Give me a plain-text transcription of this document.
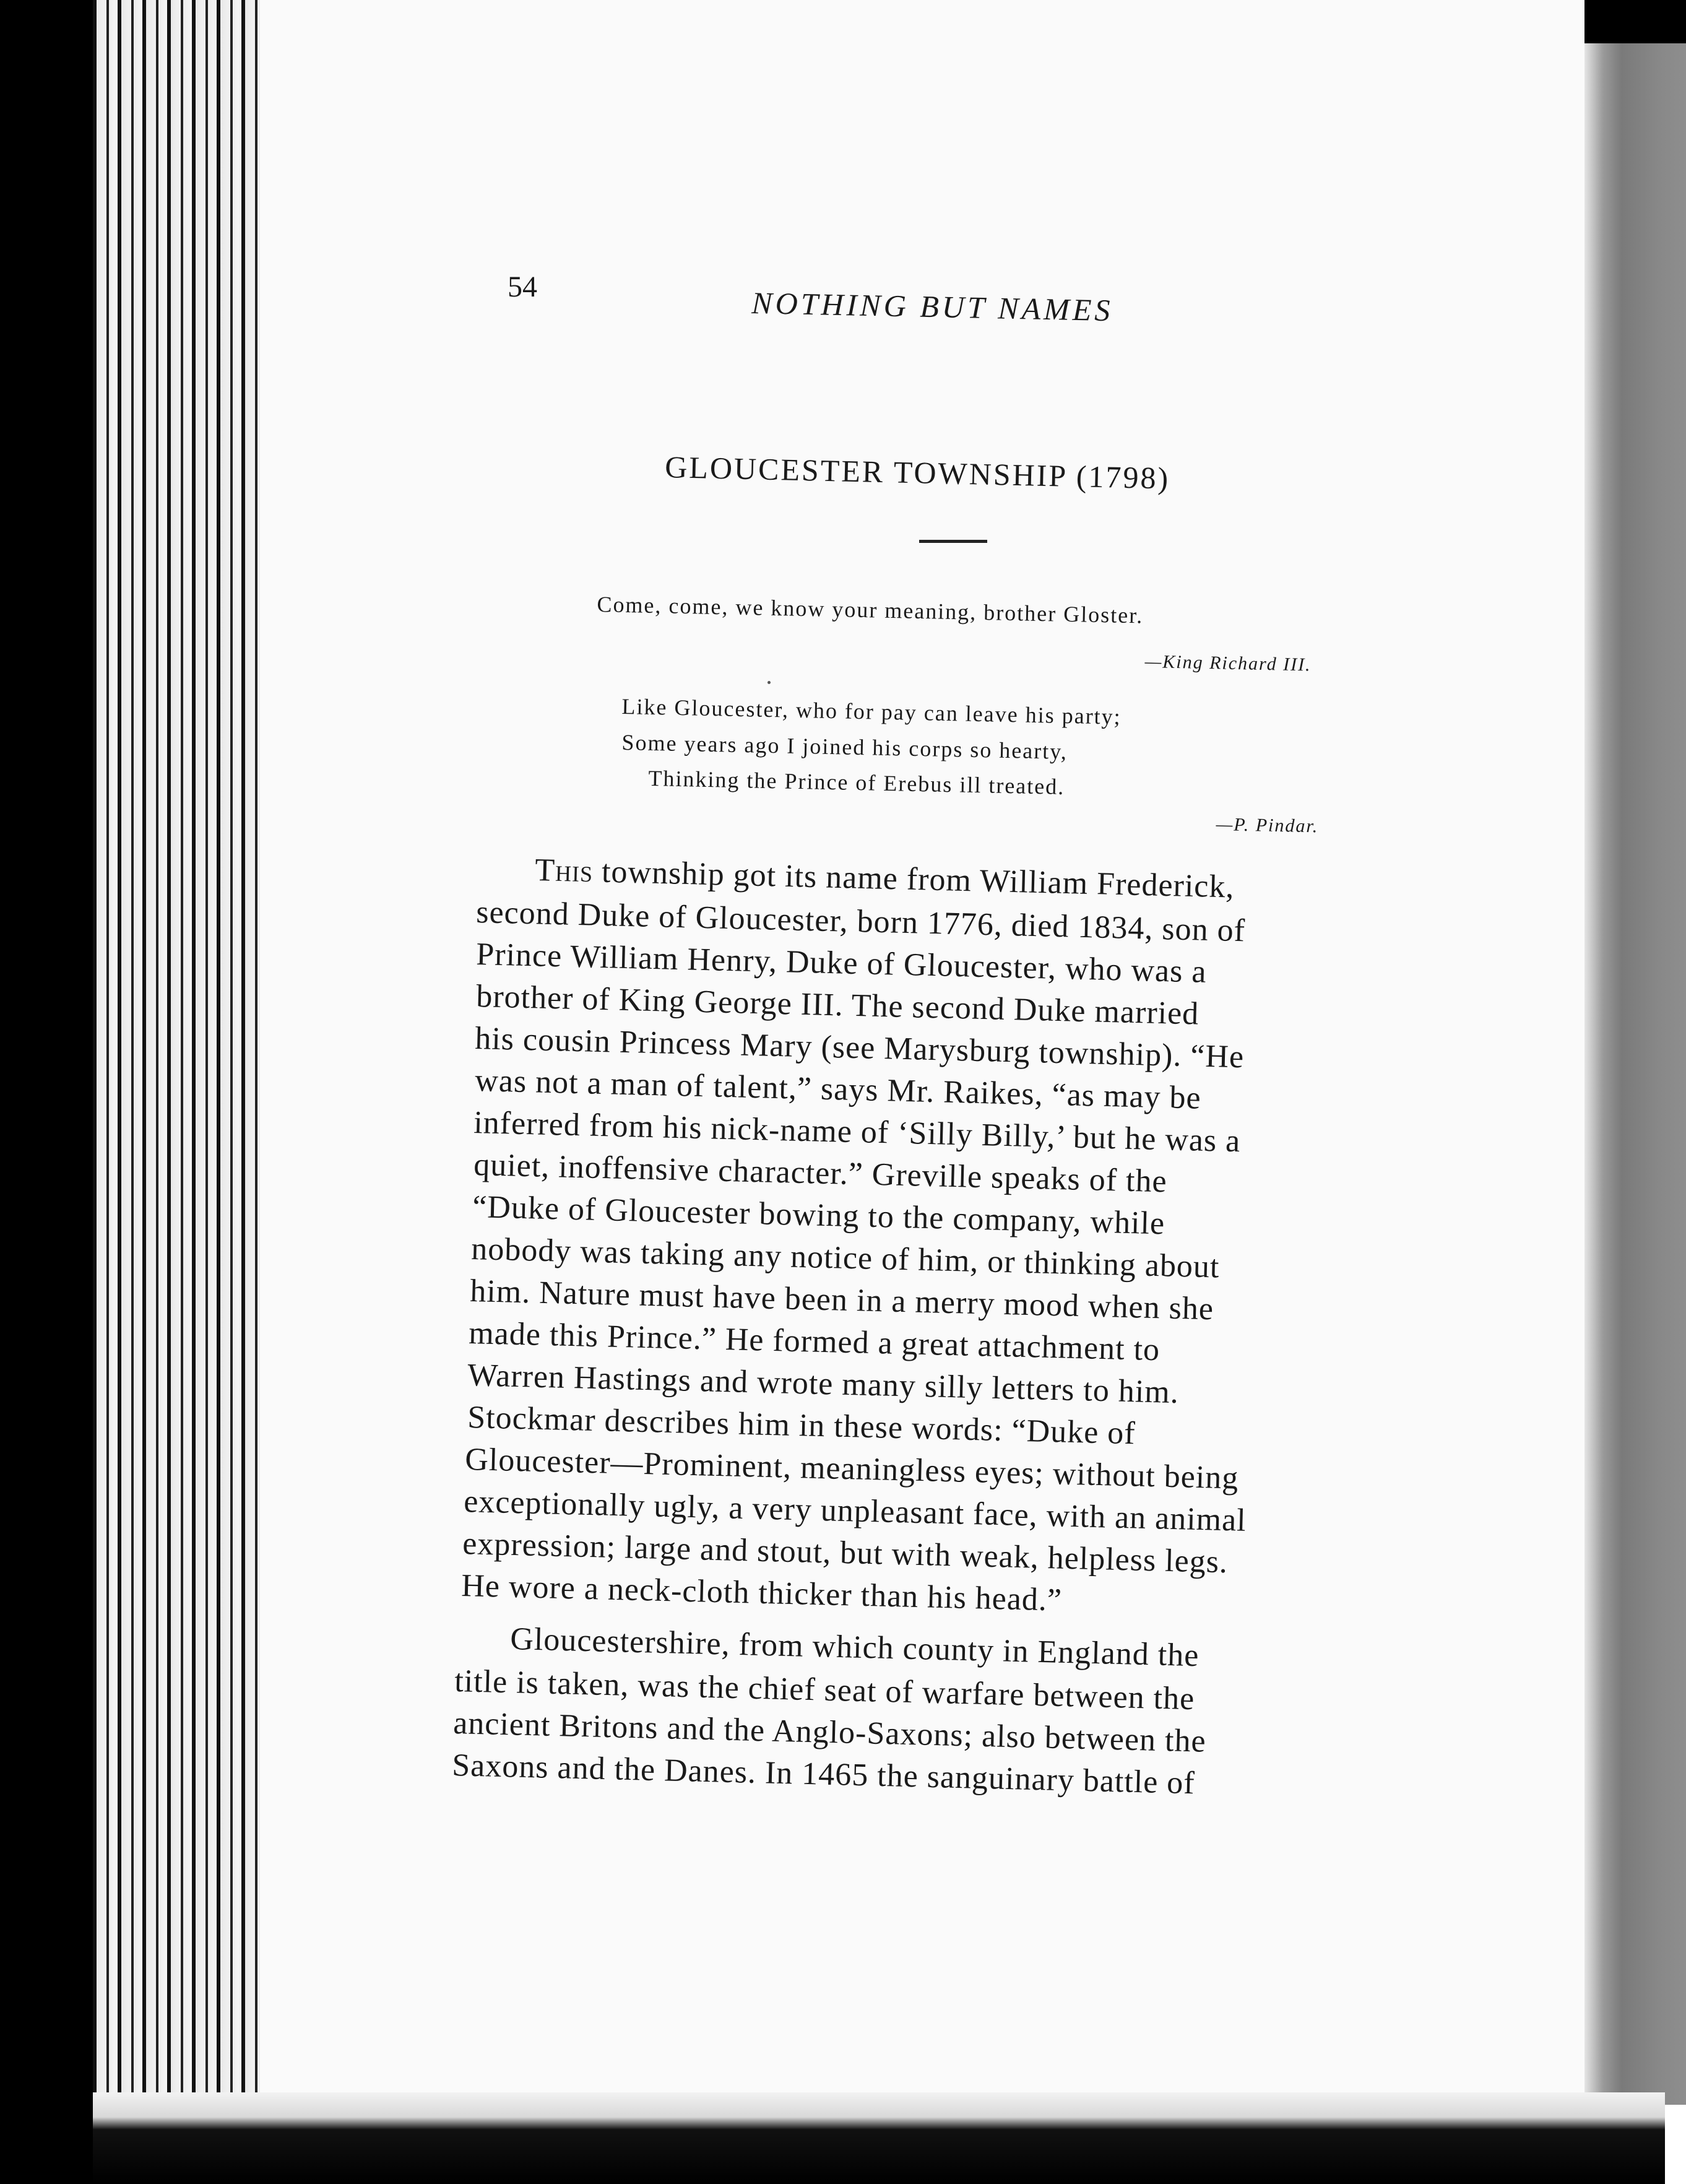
54	NOTHING BUT NAMES
GLOUCESTER TOWNSHIP (1798)
Come, come, we know your meaning, brother Gloster.
—King Richard III.
Like Gloucester, who for pay can leave his party;
Some years ago I joined his corps so hearty,
Thinking the Prince of Erebus ill treated.
—P. Pindar.
This township got its name from William Frederick,
second Duke of Gloucester, born 1776, died 1834, son of
Prince William Henry, Duke of Gloucester, who was a
brother of King George III. The second Duke married
his cousin Princess Mary (see Marysburg township). “He
was not a man of talent,” says Mr. Raikes, “as may be
inferred from his nick-name of ‘Silly Billy,’ but he was a
quiet, inoffensive character.” Greville speaks of the
“Duke of Gloucester bowing to the company, while
nobody was taking any notice of him, or thinking about
him. Nature must have been in a merry mood when she
made this Prince.” He formed a great attachment to
Warren Hastings and wrote many silly letters to him.
Stockmar describes him in these words: “Duke of
Gloucester—Prominent, meaningless eyes; without being
exceptionally ugly, a very unpleasant face, with an animal
expression; large and stout, but with weak, helpless legs.
He wore a neck-cloth thicker than his head.”
Gloucestershire, from which county in England the
title is taken, was the chief seat of warfare between the
ancient Britons and the Anglo-Saxons; also between the
Saxons and the Danes. In 1465 the sanguinary battle of
